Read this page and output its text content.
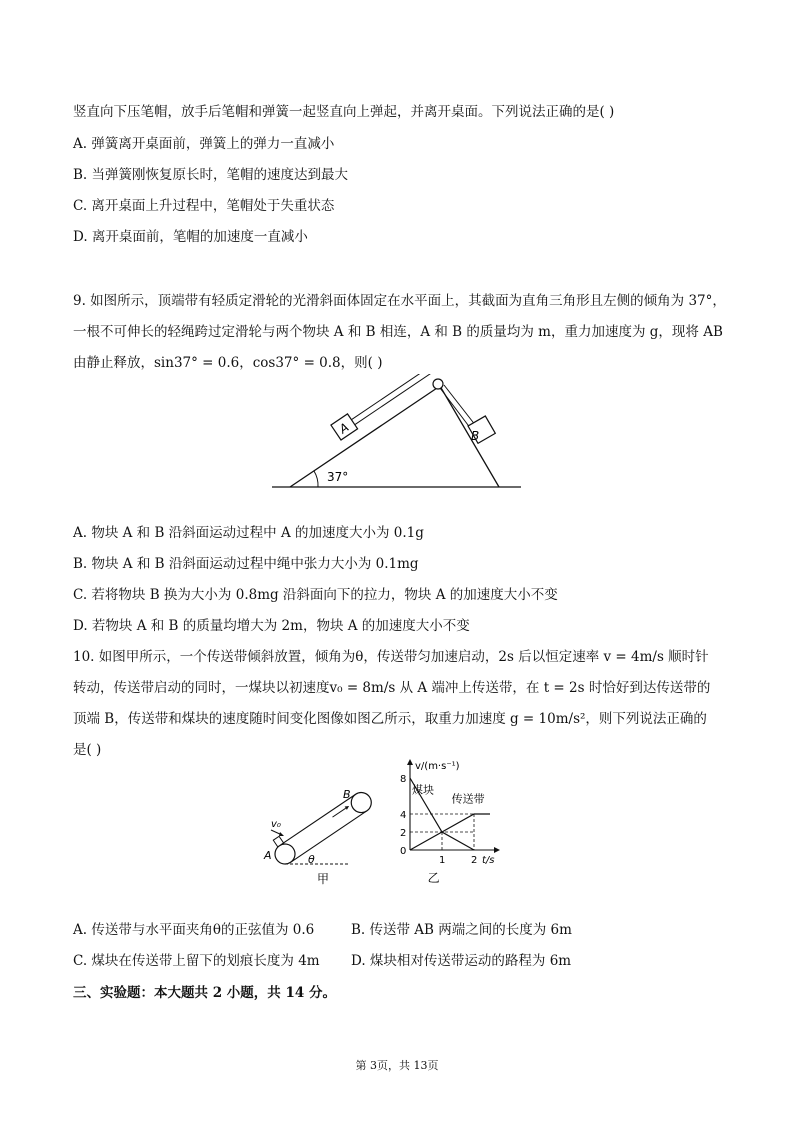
竖直向下压笔帽，放手后笔帽和弹簧一起竖直向上弹起，并离开桌面。下列说法正确的是( )
A. 弹簧离开桌面前，弹簧上的弹力一直减小
B. 当弹簧刚恢复原长时，笔帽的速度达到最大
C. 离开桌面上升过程中，笔帽处于失重状态
D. 离开桌面前，笔帽的加速度一直减小
9. 如图所示，顶端带有轻质定滑轮的光滑斜面体固定在水平面上，其截面为直角三角形且左侧的倾角为 37°，
一根不可伸长的轻绳跨过定滑轮与两个物块 A 和 B 相连，A 和 B 的质量均为 m，重力加速度为 g，现将 AB
由静止释放，sin37° = 0.6，cos37° = 0.8，则( )
37°
A	B
A. 物块 A 和 B 沿斜面运动过程中 A 的加速度大小为 0.1g
B. 物块 A 和 B 沿斜面运动过程中绳中张力大小为 0.1mg
C. 若将物块 B 换为大小为 0.8mg 沿斜面向下的拉力，物块 A 的加速度大小不变
D. 若物块 A 和 B 的质量均增大为 2m，物块 A 的加速度大小不变
10. 如图甲所示，一个传送带倾斜放置，倾角为θ，传送带匀加速启动，2s 后以恒定速率 v = 4m/s 顺时针
转动，传送带启动的同时，一煤块以初速度v₀ = 8m/s 从 A 端冲上传送带，在 t = 2s 时恰好到达传送带的
顶端 B，传送带和煤块的速度随时间变化图像如图乙所示，取重力加速度 g = 10m/s²，则下列说法正确的
是( )
v₀
A
B
θ
甲
v/(m·s⁻¹)
t/s
8
4
2
0
1	2
煤块
传送带
乙
A. 传送带与水平面夹角θ的正弦值为 0.6	B. 传送带 AB 两端之间的长度为 6m
C. 煤块在传送带上留下的划痕长度为 4m D. 煤块相对传送带运动的路程为 6m
三、实验题：本大题共 2 小题，共 14 分。
第 3页，共 13页
